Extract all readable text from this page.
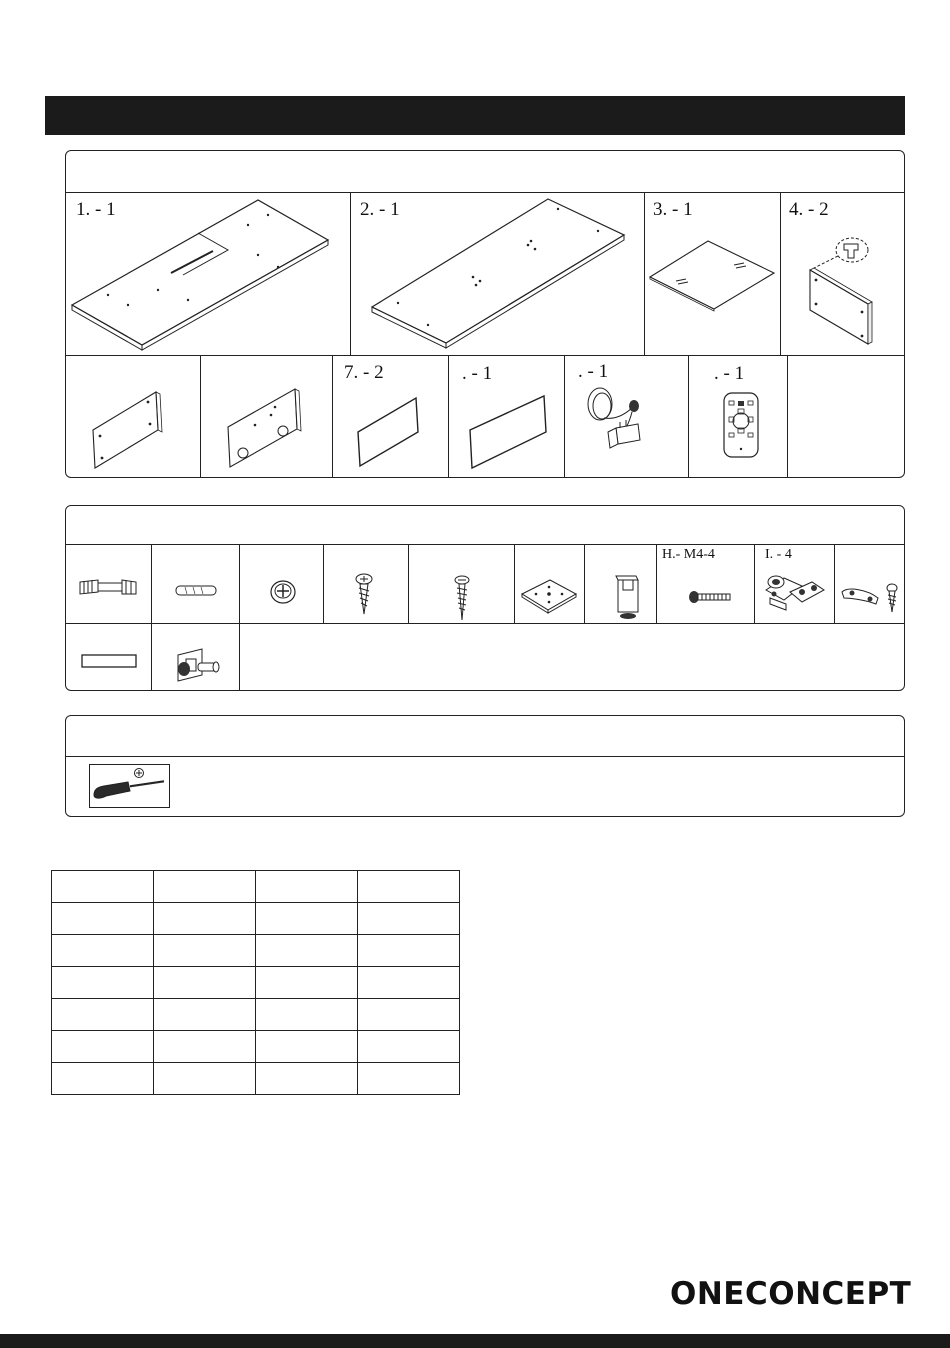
1. - 1	2. - 1	3. - 1	4. - 2
7. - 2	. - 1	. - 1	. - 1
H.- M4-4	I. - 4

ONECONCEPT
